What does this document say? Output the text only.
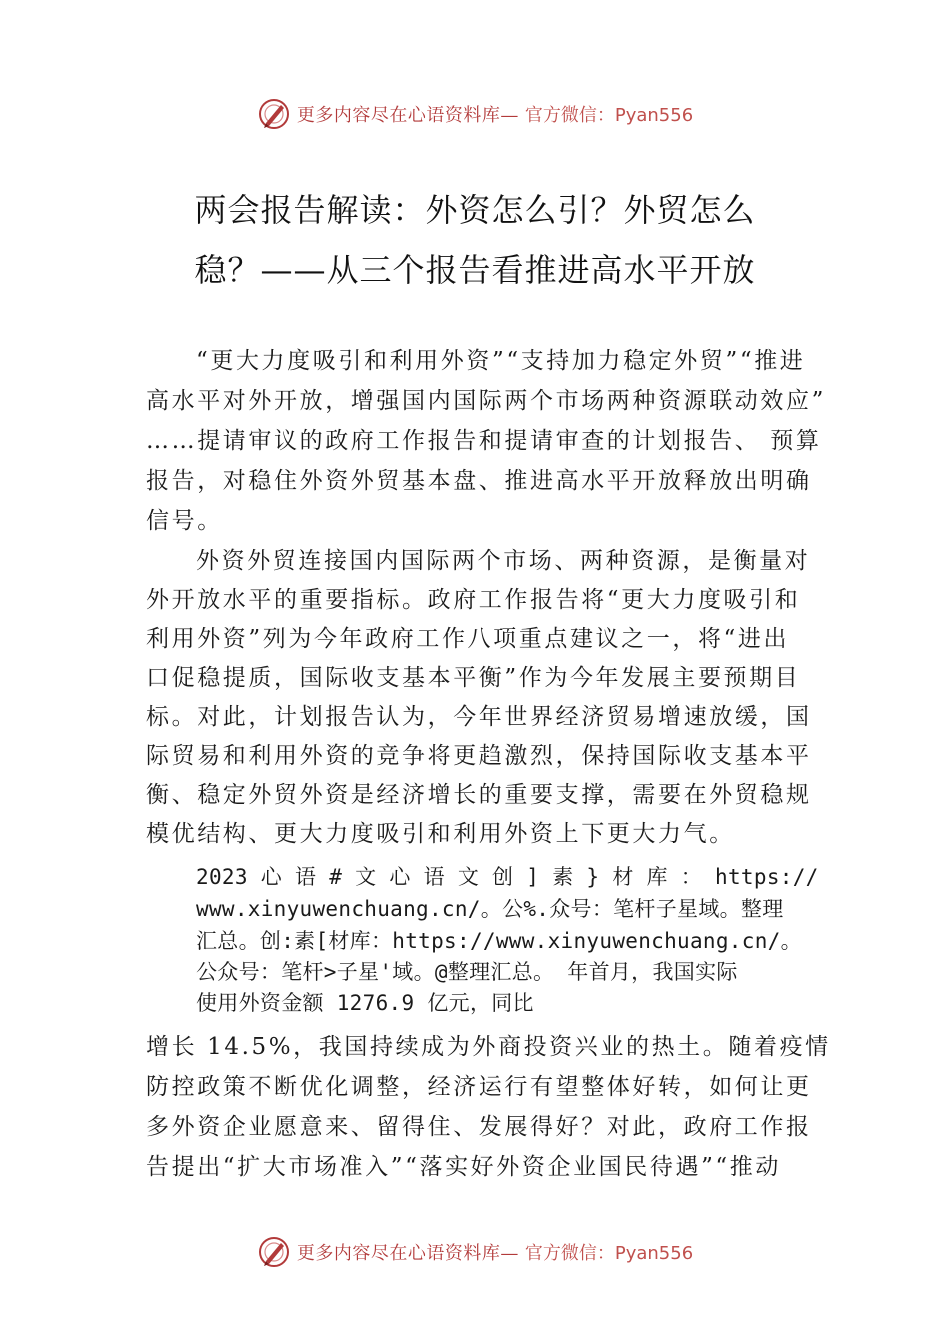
更多内容尽在心语资料库— 官方微信：Pyan556
两会报告解读：外资怎么引？外贸怎么
稳？——从三个报告看推进高水平开放

“更大力度吸引和利用外资”“支持加力稳定外贸”“推进

高水平对外开放，增强国内国际两个市场两种资源联动效应”

……提请审议的政府工作报告和提请审查的计划报告、 预算

报告，对稳住外资外贸基本盘、推进高水平开放释放出明确

信号。

外资外贸连接国内国际两个市场、两种资源，是衡量对

外开放水平的重要指标。政府工作报告将“更大力度吸引和

利用外资”列为今年政府工作八项重点建议之一，将“进出

口促稳提质，国际收支基本平衡”作为今年发展主要预期目

标。对此，计划报告认为，今年世界经济贸易增速放缓，国

际贸易和利用外资的竞争将更趋激烈，保持国际收支基本平

衡、稳定外贸外资是经济增长的重要支撑，需要在外贸稳规

模优结构、更大力度吸引和利用外资上下更大力气。

2023 心 语 # 文 心 语 文 创 ] 素 } 材 库 ： https://

www.xinyuwenchuang.cn/。公%.众号：笔杆子星域。整理

汇总。创:素[材库：https://www.xinyuwenchuang.cn/。

公众号：笔杆>子星'域。@整理汇总。 年首月，我国实际

使用外资金额 1276.9 亿元，同比

增长 14.5%，我国持续成为外商投资兴业的热土。随着疫情

防控政策不断优化调整，经济运行有望整体好转，如何让更

多外资企业愿意来、留得住、发展得好？对此，政府工作报

告提出“扩大市场准入”“落实好外资企业国民待遇”“推动

更多内容尽在心语资料库— 官方微信：Pyan556
